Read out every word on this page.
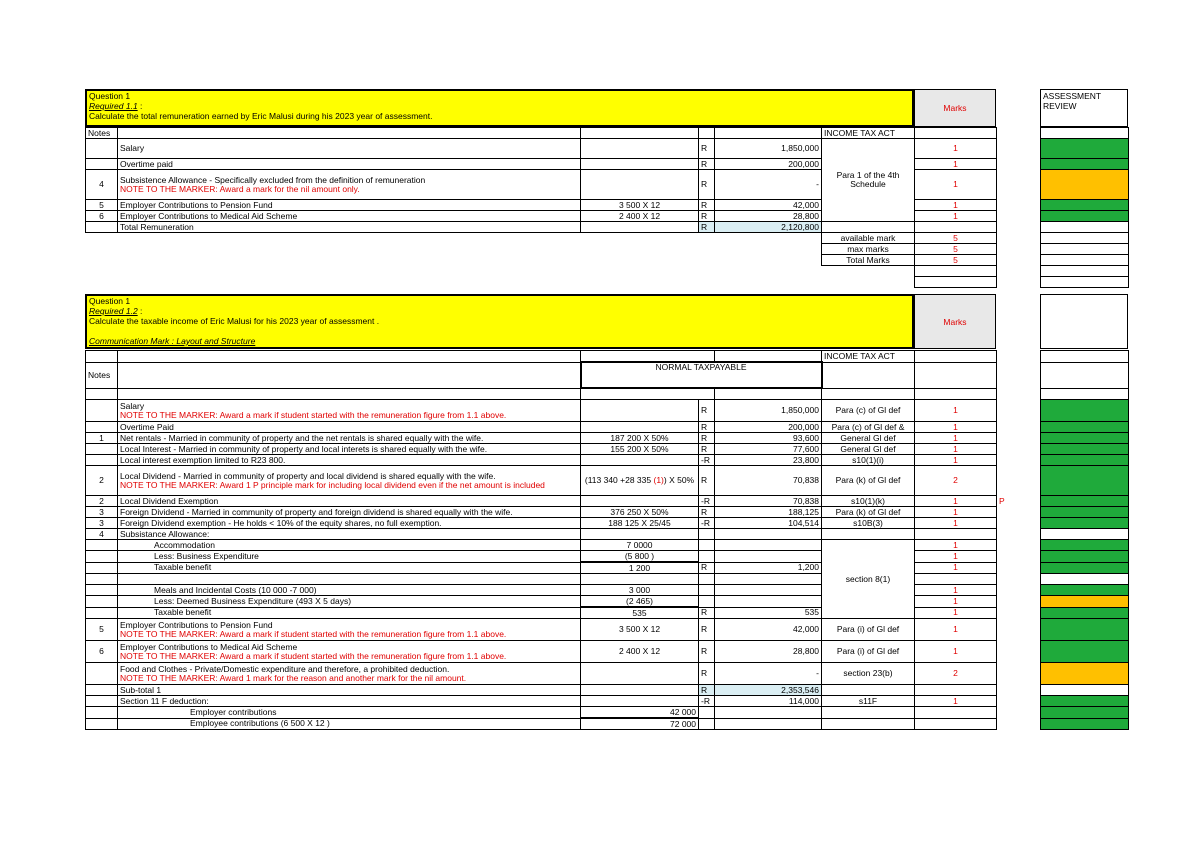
Question 1
Required 1.1 :
Calculate the total remuneration earned by Eric Malusi during his 2023 year of assessment.
Marks
ASSESSMENT REVIEW
Notes					INCOME TAX ACT			

	Salary		R	1,850,000	Para 1 of the 4th Schedule	1		

	Overtime paid		R	200,000		1		
4	Subsistence Allowance - Specifically excluded from the definition of remuneration
NOTE TO THE MARKER: Award a mark for the nil amount only.		R	-		1		
5	Employer Contributions to Pension Fund	3 500 X 12	R	42,000		1		
6	Employer Contributions to Medical Aid Scheme	2 400 X 12	R	28,800		1		
	Total Remuneration		R	2,120,800				
					available mark	5		
					max marks	5		
					Total Marks	5		

Question 1
Required 1.2 :
Calculate the taxable income of Eric Malusi for his 2023 year of assessment .

Communication Mark : Layout and Structure
Marks
					INCOME TAX ACT			
Notes		NORMAL TAXPAYABLE						

	Salary
NOTE TO THE MARKER: Award a mark if student started with the remuneration figure from 1.1 above.		R	1,850,000	Para (c) of Gl def	1		

	Overtime Paid		R	200,000	Para (c) of Gl def &	1		
1	Net rentals - Married in community of property and the net rentals is shared equally with the wife.	187 200 X 50%	R	93,600	General Gl def	1		

	Local Interest - Married in community of property and local interets is shared equally with the wife.	155 200 X 50%	R	77,600	General Gl def	1		

	Local interest exemption limited to R23 800.		-R	23,800	s10(1)(i)	1		
2	Local Dividend - Married in community of property and local dividend is shared equally with the wife.
NOTE TO THE MARKER: Award 1 P principle mark for including local dividend even if the net amount is included	(113 340 +28 335 (1)) X 50%	R	70,838	Para (k) of Gl def	2		
2	Local Dividend Exemption		-R	70,838	s10(1)(k)	1	P	
3	Foreign Dividend - Married in community of property and foreign dividend is shared equally with the wife.	376 250 X 50%	R	188,125	Para (k) of Gl def	1		
3	Foreign Dividend exemption - He holds < 10% of the equity shares, no full exemption.	188 125 X 25/45	-R	104,514	s10B(3)	1		
4	Subsistance Allowance:							

	Accommodation	7 0000			section 8(1)	1		
	Less: Business Expenditure	(5 800 )				1		
	Taxable benefit	1 200	R	1,200		1		

	Meals and Incidental Costs (10 000 -7 000)	3 000				1		
	Less: Deemed Business Expenditure (493 X 5 days)	(2 465)				1		
	Taxable benefit	535	R	535		1		
5	Employer Contributions to Pension Fund
NOTE TO THE MARKER: Award a mark if student started with the remuneration figure from 1.1 above.	3 500 X 12	R	42,000	Para (i) of Gl def	1		
6	Employer Contributions to Medical Aid Scheme
NOTE TO THE MARKER: Award a mark if student started with the remuneration figure from 1.1 above.	2 400 X 12	R	28,800	Para (i) of Gl def	1		

	Food and Clothes - Private/Domestic expenditure and therefore, a prohibited deduction.
NOTE TO THE MARKER: Award 1 mark for the reason and another mark for the nil amount.		R	-	section 23(b)	2		
	Sub-total 1		R	2,353,546				
	Section 11 F deduction:		-R	114,000	s11F	1		
	Employer contributions	42 000						
	Employee contributions (6 500 X 12 )	72 000						
